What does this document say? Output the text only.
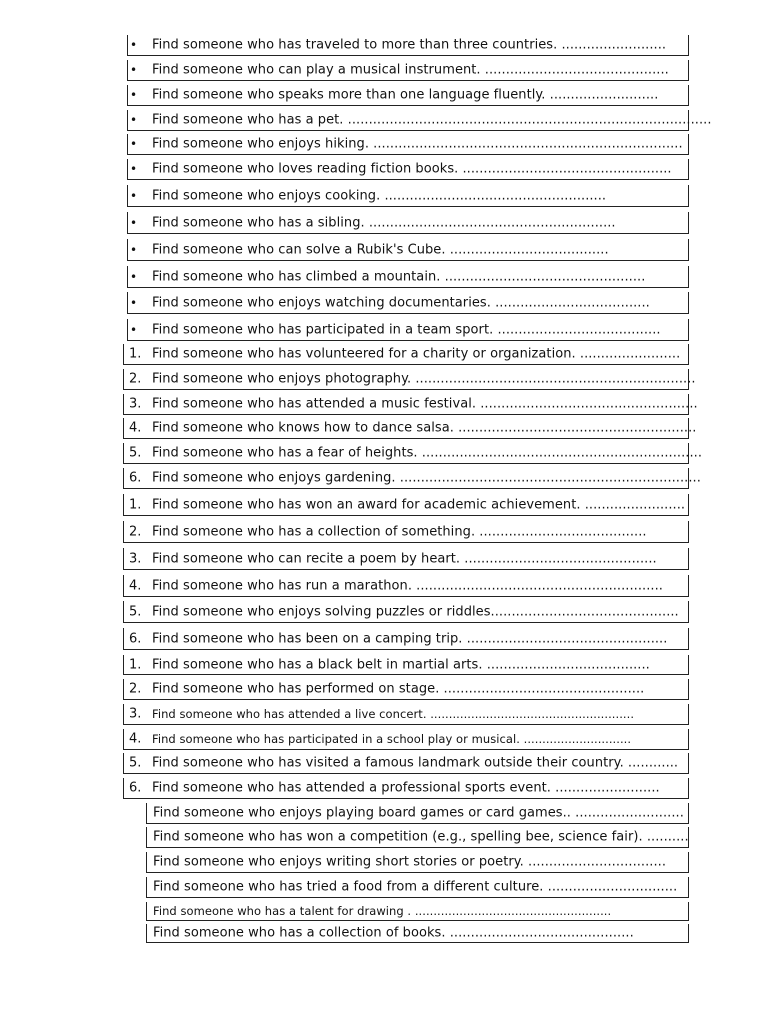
• Find someone who has traveled to more than three countries. .........................
• Find someone who can play a musical instrument. ............................................
• Find someone who speaks more than one language fluently. ..........................
• Find someone who has a pet. .......................................................................................
• Find someone who enjoys hiking. ..........................................................................
• Find someone who loves reading fiction books. ..................................................
• Find someone who enjoys cooking. .....................................................
• Find someone who has a sibling. ...........................................................
• Find someone who can solve a Rubik's Cube. ......................................
• Find someone who has climbed a mountain. ................................................
• Find someone who enjoys watching documentaries. .....................................
• Find someone who has participated in a team sport. .......................................
1. Find someone who has volunteered for a charity or organization. ........................
2. Find someone who enjoys photography. ...................................................................
3. Find someone who has attended a music festival. ....................................................
4. Find someone who knows how to dance salsa. .........................................................
5. Find someone who has a fear of heights. ...................................................................
6. Find someone who enjoys gardening. ........................................................................
1. Find someone who has won an award for academic achievement. ........................
2. Find someone who has a collection of something. ........................................
3. Find someone who can recite a poem by heart. ..............................................
4. Find someone who has run a marathon. ...........................................................
5. Find someone who enjoys solving puzzles or riddles.............................................
6. Find someone who has been on a camping trip. ................................................
1. Find someone who has a black belt in martial arts. .......................................
2. Find someone who has performed on stage. ................................................
3. Find someone who has attended a live concert. .......................................................
4. Find someone who has participated in a school play or musical. .............................
5. Find someone who has visited a famous landmark outside their country. ............
6. Find someone who has attended a professional sports event. .........................
Find someone who enjoys playing board games or card games.. ..........................
Find someone who has won a competition (e.g., spelling bee, science fair). ..........
Find someone who enjoys writing short stories or poetry. .................................
Find someone who has tried a food from a different culture. ...............................
Find someone who has a talent for drawing . .....................................................
Find someone who has a collection of books. ............................................
